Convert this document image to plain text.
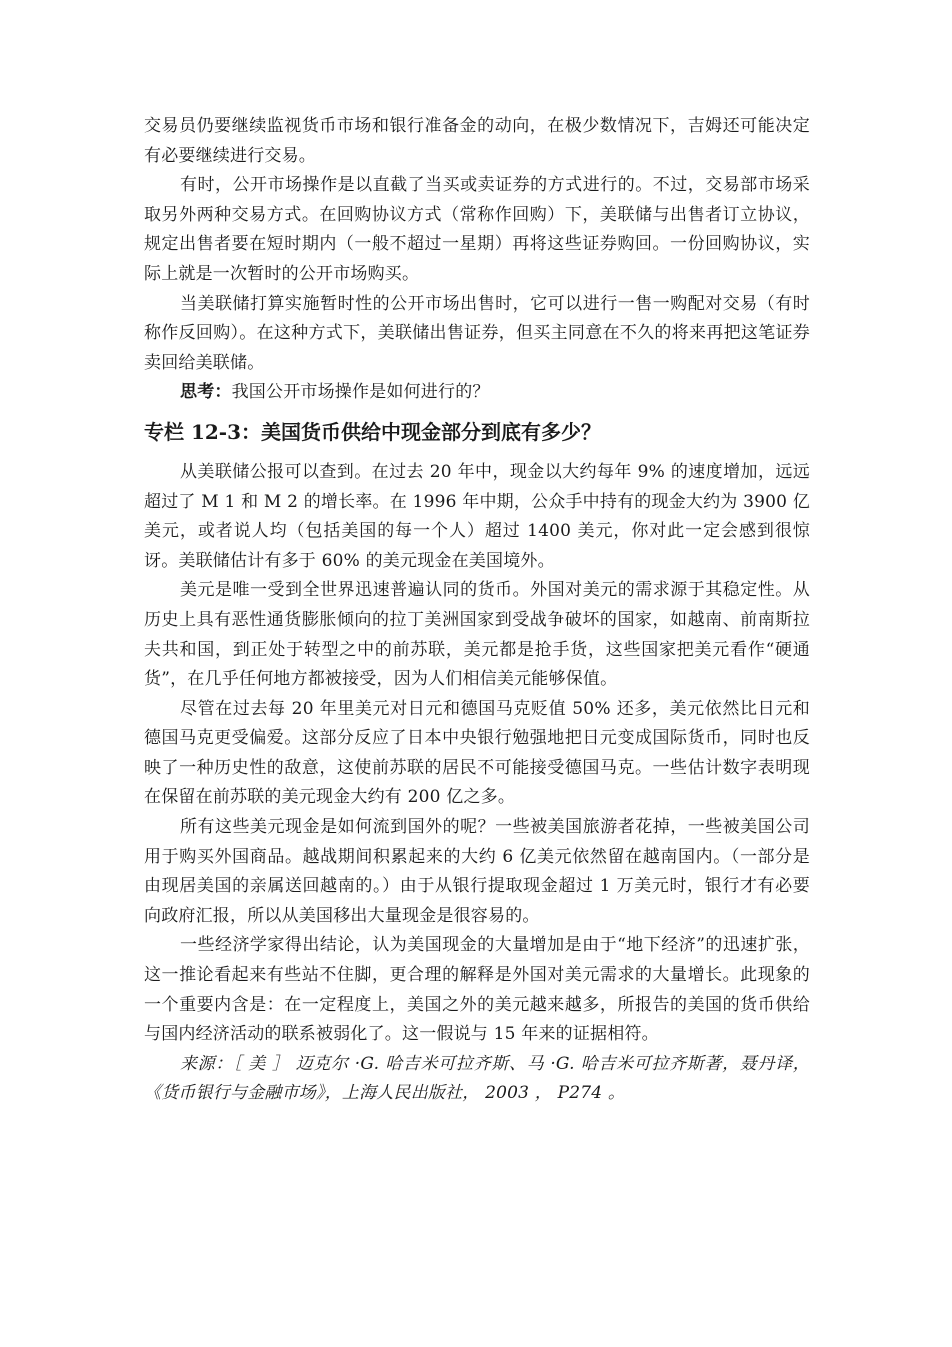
交易员仍要继续监视货币市场和银行准备金的动向，在极少数情况下，吉姆还可能决定有必要继续进行交易。

有时，公开市场操作是以直截了当买或卖证券的方式进行的。不过，交易部市场采取另外两种交易方式。在回购协议方式（常称作回购）下，美联储与出售者订立协议，规定出售者要在短时期内（一般不超过一星期）再将这些证券购回。一份回购协议，实际上就是一次暂时的公开市场购买。

当美联储打算实施暂时性的公开市场出售时，它可以进行一售一购配对交易（有时称作反回购）。在这种方式下，美联储出售证券，但买主同意在不久的将来再把这笔证券卖回给美联储。

思考：我国公开市场操作是如何进行的？

专栏 12-3：美国货币供给中现金部分到底有多少？

从美联储公报可以查到。在过去 20 年中，现金以大约每年 9% 的速度增加，远远超过了 M 1 和 M 2 的增长率。在 1996 年中期，公众手中持有的现金大约为 3900 亿美元，或者说人均（包括美国的每一个人）超过 1400 美元，你对此一定会感到很惊讶。美联储估计有多于 60% 的美元现金在美国境外。

美元是唯一受到全世界迅速普遍认同的货币。外国对美元的需求源于其稳定性。从历史上具有恶性通货膨胀倾向的拉丁美洲国家到受战争破坏的国家，如越南、前南斯拉夫共和国，到正处于转型之中的前苏联，美元都是抢手货，这些国家把美元看作“硬通货”，在几乎任何地方都被接受，因为人们相信美元能够保值。

尽管在过去每 20 年里美元对日元和德国马克贬值 50% 还多，美元依然比日元和德国马克更受偏爱。这部分反应了日本中央银行勉强地把日元变成国际货币，同时也反映了一种历史性的敌意，这使前苏联的居民不可能接受德国马克。一些估计数字表明现在保留在前苏联的美元现金大约有 200 亿之多。

所有这些美元现金是如何流到国外的呢？一些被美国旅游者花掉，一些被美国公司用于购买外国商品。越战期间积累起来的大约 6 亿美元依然留在越南国内。（一部分是由现居美国的亲属送回越南的。）由于从银行提取现金超过 1 万美元时，银行才有必要向政府汇报，所以从美国移出大量现金是很容易的。

一些经济学家得出结论，认为美国现金的大量增加是由于“地下经济”的迅速扩张，这一推论看起来有些站不住脚，更合理的解释是外国对美元需求的大量增长。此现象的一个重要内含是：在一定程度上，美国之外的美元越来越多，所报告的美国的货币供给与国内经济活动的联系被弱化了。这一假说与 15 年来的证据相符。

来源：［ 美 ］ 迈克尔 ·G. 哈吉米可拉齐斯、马 ·G. 哈吉米可拉齐斯著，聂丹译，《货币银行与金融市场》，上海人民出版社， 2003 ， P274 。
